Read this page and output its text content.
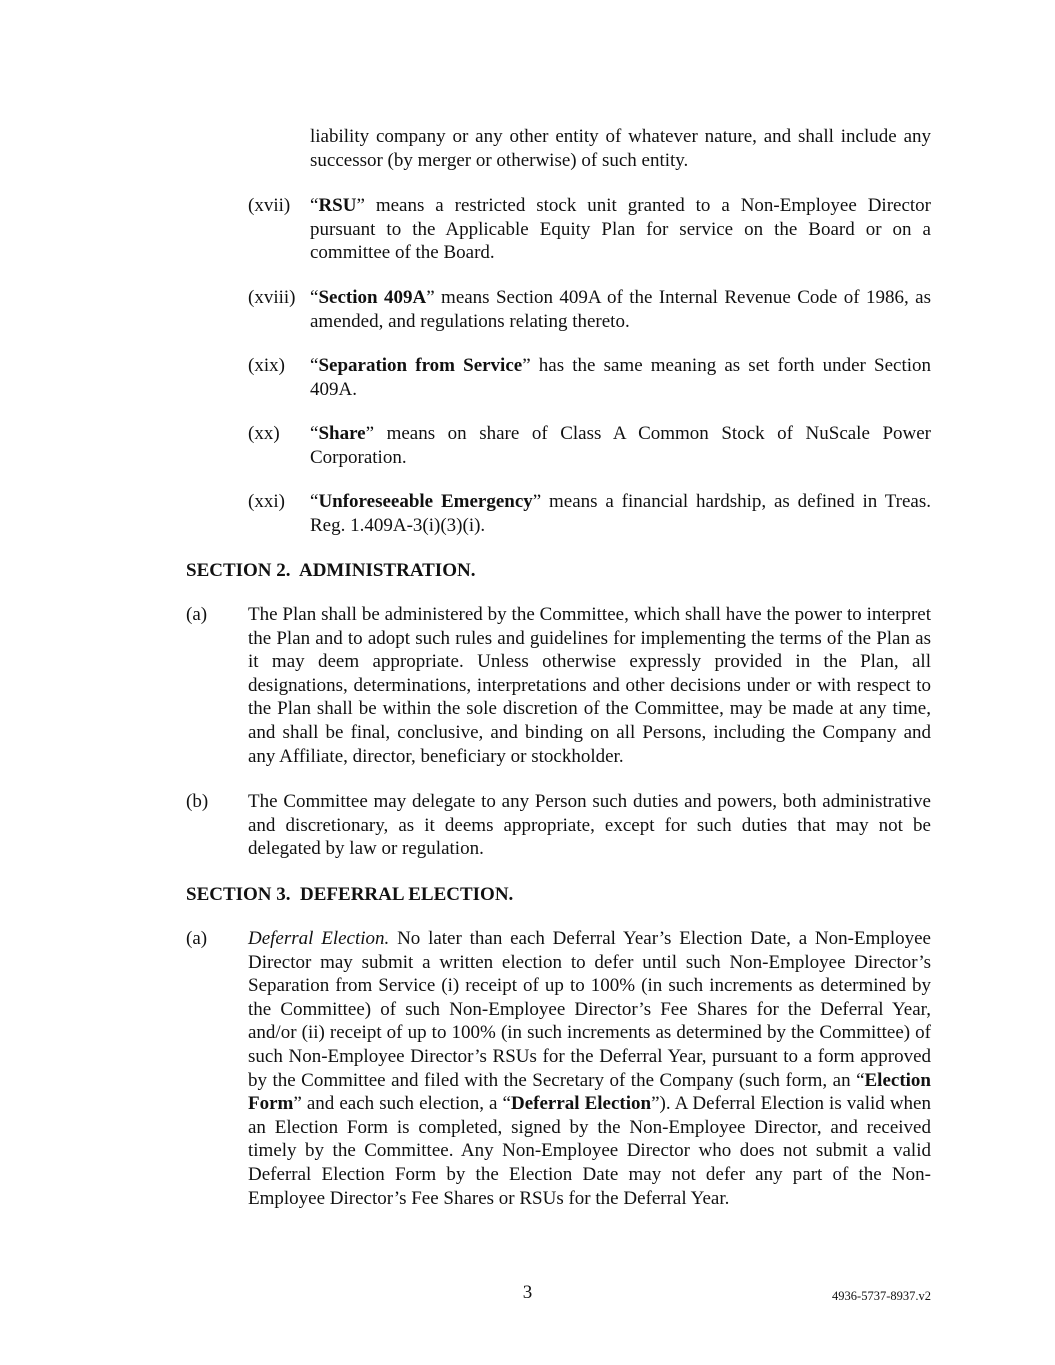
liability company or any other entity of whatever nature, and shall include any successor (by merger or otherwise) of such entity.
(xvii) “RSU” means a restricted stock unit granted to a Non-Employee Director pursuant to the Applicable Equity Plan for service on the Board or on a committee of the Board.
(xviii) “Section 409A” means Section 409A of the Internal Revenue Code of 1986, as amended, and regulations relating thereto.
(xix) “Separation from Service” has the same meaning as set forth under Section 409A.
(xx) “Share” means on share of Class A Common Stock of NuScale Power Corporation.
(xxi) “Unforeseeable Emergency” means a financial hardship, as defined in Treas. Reg. 1.409A-3(i)(3)(i).
SECTION 2.  ADMINISTRATION.
(a) The Plan shall be administered by the Committee, which shall have the power to interpret the Plan and to adopt such rules and guidelines for implementing the terms of the Plan as it may deem appropriate. Unless otherwise expressly provided in the Plan, all designations, determinations, interpretations and other decisions under or with respect to the Plan shall be within the sole discretion of the Committee, may be made at any time, and shall be final, conclusive, and binding on all Persons, including the Company and any Affiliate, director, beneficiary or stockholder.
(b) The Committee may delegate to any Person such duties and powers, both administrative and discretionary, as it deems appropriate, except for such duties that may not be delegated by law or regulation.
SECTION 3.  DEFERRAL ELECTION.
(a) Deferral Election. No later than each Deferral Year’s Election Date, a Non-Employee Director may submit a written election to defer until such Non-Employee Director’s Separation from Service (i) receipt of up to 100% (in such increments as determined by the Committee) of such Non-Employee Director’s Fee Shares for the Deferral Year, and/or (ii) receipt of up to 100% (in such increments as determined by the Committee) of such Non-Employee Director’s RSUs for the Deferral Year, pursuant to a form approved by the Committee and filed with the Secretary of the Company (such form, an “Election Form” and each such election, a “Deferral Election”). A Deferral Election is valid when an Election Form is completed, signed by the Non-Employee Director, and received timely by the Committee. Any Non-Employee Director who does not submit a valid Deferral Election Form by the Election Date may not defer any part of the Non-Employee Director’s Fee Shares or RSUs for the Deferral Year.
3	4936-5737-8937.v2
